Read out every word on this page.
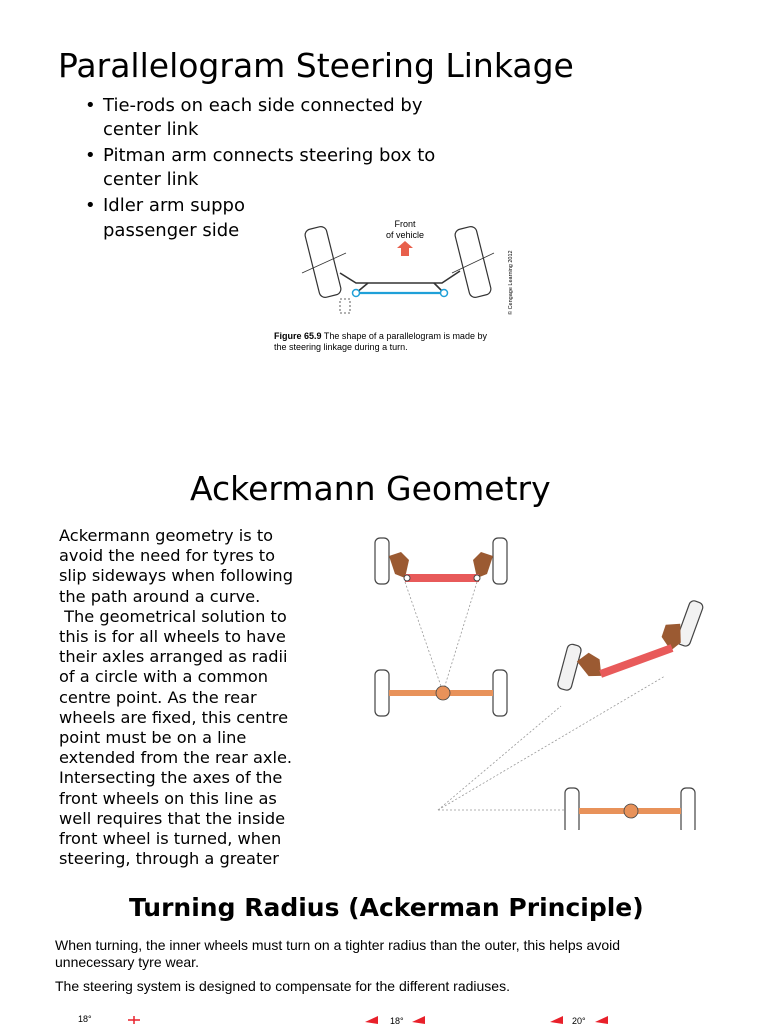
Parallelogram Steering Linkage
• Tie-rods on each side connected by center link
• Pitman arm connects steering box to center link
• Idler arm suppo
passenger side	Front
of vehicle
© Cengage Learning 2012
Figure 65.9 The shape of a parallelogram is made by
the steering linkage during a turn.
Ackermann Geometry
Ackermann geometry is to
avoid the need for tyres to
slip sideways when following
the path around a curve.
The geometrical solution to
this is for all wheels to have
their axles arranged as radii
of a circle with a common
centre point. As the rear
wheels are fixed, this centre
point must be on a line
extended from the rear axle.
Intersecting the axes of the
front wheels on this line as
well requires that the inside
front wheel is turned, when
steering, through a greater
Turning Radius (Ackerman Principle)
When turning, the inner wheels must turn on a tighter radius than the outer, this helps avoid unnecessary tyre wear.
The steering system is designed to compensate for the different radiuses.
18°	18°	20°
